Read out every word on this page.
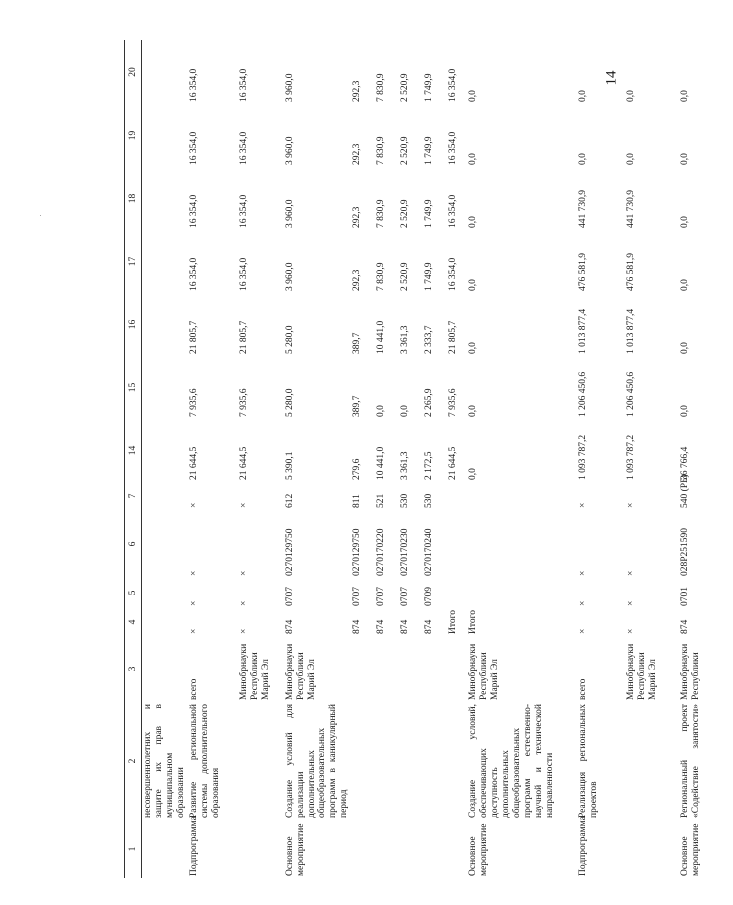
14
1	2	3	4	5	6	7	14	15	16	17	18	19	20
	несовершеннолетних и защите их прав в муниципальном образовании												
Подпрограмма	Развитие региональной системы дополнительного образования	всего	×	×	×	×	21 644,5	7 935,6	21 805,7	16 354,0	16 354,0	16 354,0	16 354,0
		Минобрнауки Республики Марий Эл	×	×	×	×	21 644,5	7 935,6	21 805,7	16 354,0	16 354,0	16 354,0	16 354,0
Основное мероприятие	Создание условий для реализации дополнительных общеобразовательных программ в каникулярный период	Минобрнауки Республики Марий Эл	874	0707	0270129750	612	5 390,1	5 280,0	5 280,0	3 960,0	3 960,0	3 960,0	3 960,0
			874	0707	0270129750	811	279,6	389,7	389,7	292,3	292,3	292,3	292,3
			874	0707	0270170220	521	10 441,0	0,0	10 441,0	7 830,9	7 830,9	7 830,9	7 830,9
			874	0707	0270170230	530	3 361,3	0,0	3 361,3	2 520,9	2 520,9	2 520,9	2 520,9
			874	0709	0270170240	530	2 172,5	2 265,9	2 333,7	1 749,9	1 749,9	1 749,9	1 749,9
			Итого				21 644,5	7 935,6	21 805,7	16 354,0	16 354,0	16 354,0	16 354,0
Основное мероприятие	Создание условий, обеспечивающих доступность дополнительных общеобразовательных программ естественно-научной и технической направленности	Минобрнауки Республики Марий Эл	Итого				0,0	0,0	0,0	0,0	0,0	0,0	0,0
Подпрограмма	Реализация региональных проектов	всего	×	×	×	×	1 093 787,2	1 206 450,6	1 013 877,4	476 581,9	441 730,9	0,0	0,0
		Минобрнауки Республики Марий Эл	×	×	×	×	1 093 787,2	1 206 450,6	1 013 877,4	476 581,9	441 730,9	0,0	0,0
Основное мероприятие	Региональный проект «Содействие занятости»	Минобрнауки Республики	874	0701	028P251590	540 (РБ)	36 766,4	0,0	0,0	0,0	0,0	0,0	0,0
